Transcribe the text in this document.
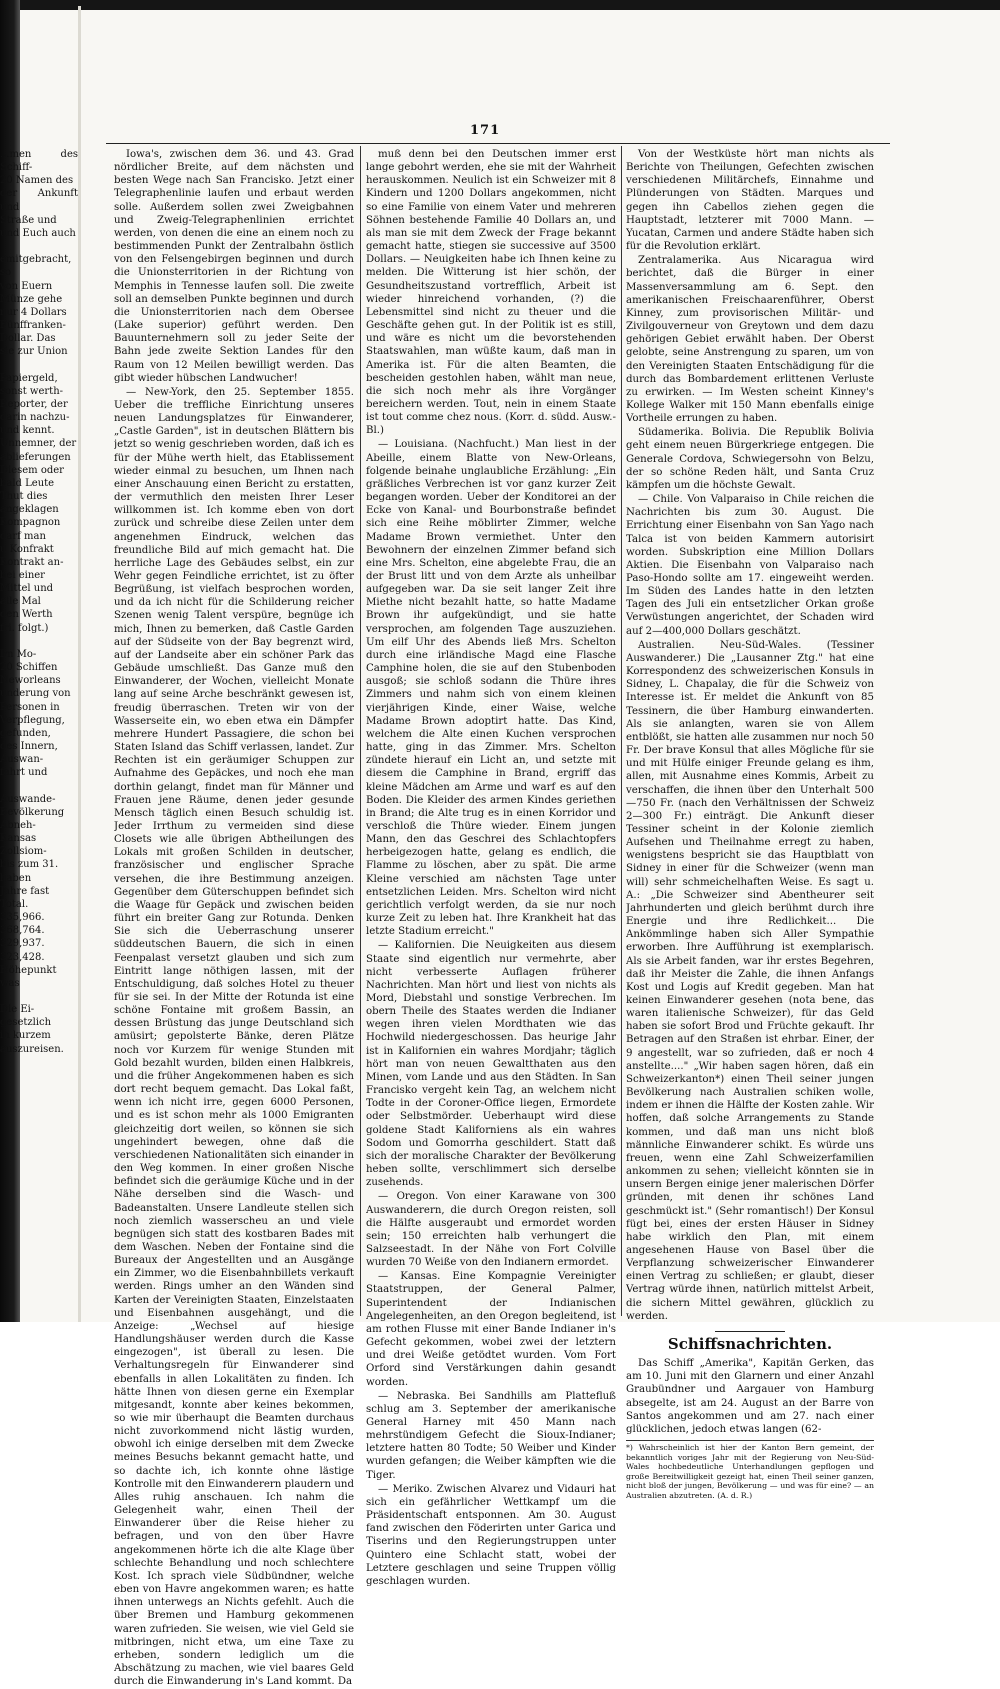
171
...men des Schiff-
20 Namen des
der Ankunft und
Straße und
und Euch auch

emitgebracht, so
von Euern
Münze gehe
nur 4 Dollars
Fünffranken-
Dollar. Das
sie zur Union

Papiergeld,
sonst werth-
Reporter, der
darin nachzu-
und kennt.
Unnemner, der
ablieferungen
Diesem oder
bald Leute
Thut dies
angeklagen
Kompagnon
darf man
u Konfrakt
Kontrakt an-
bei einer
Mittel und
alle Mal
den Werth
fri. folgt.)

Im Mo-
20 Schiffen
Neworleans
underung von
Personen in
Verpflegung,
gefunden,
des Innern,
Auswan-
fahrt und

Auswande-
Bevölkerung
Abneh-
Kansas
Zollsiom-
bis zum 31.
haben
Jahre fast
Total.
335,966.
368,764.
329,937.
323,428.
Höhepunkt
was

Die Ei-
gesetzlich
in kurzem
auszureisen.

Iowa's, zwischen dem 36. und 43. Grad nördlicher Breite, auf dem nächsten und besten Wege nach San Francisko. Jetzt einer Telegraphenlinie laufen und erbaut werden solle. Außerdem sollen zwei Zweigbahnen und Zweig-Telegraphenlinien errichtet werden, von denen die eine an einem noch zu bestimmenden Punkt der Zentralbahn östlich von den Felsengebirgen beginnen und durch die Unionsterritorien in der Richtung von Memphis in Tennesse laufen soll. Die zweite soll an demselben Punkte beginnen und durch die Unionsterritorien nach dem Obersee (Lake superior) geführt werden. Den Bauunternehmern soll zu jeder Seite der Bahn jede zweite Sektion Landes für den Raum von 12 Meilen bewilligt werden. Das gibt wieder hübschen Landwucher!

— New-York, den 25. September 1855. Ueber die treffliche Einrichtung unseres neuen Landungsplatzes für Einwanderer, „Castle Garden", ist in deutschen Blättern bis jetzt so wenig geschrieben worden, daß ich es für der Mühe werth hielt, das Etablissement wieder einmal zu besuchen, um Ihnen nach einer Anschauung einen Bericht zu erstatten, der vermuthlich den meisten Ihrer Leser willkommen ist. Ich komme eben von dort zurück und schreibe diese Zeilen unter dem angenehmen Eindruck, welchen das freundliche Bild auf mich gemacht hat. Die herrliche Lage des Gebäudes selbst, ein zur Wehr gegen Feindliche errichtet, ist zu öfter Begrüßung, ist vielfach besprochen worden, und da ich nicht für die Schilderung reicher Szenen wenig Talent verspüre, begnüge ich mich, Ihnen zu bemerken, daß Castle Garden auf der Südseite von der Bay begrenzt wird, auf der Landseite aber ein schöner Park das Gebäude umschließt. Das Ganze muß den Einwanderer, der Wochen, vielleicht Monate lang auf seine Arche beschränkt gewesen ist, freudig überraschen. Treten wir von der Wasserseite ein, wo eben etwa ein Dämpfer mehrere Hundert Passagiere, die schon bei Staten Island das Schiff verlassen, landet. Zur Rechten ist ein geräumiger Schuppen zur Aufnahme des Gepäckes, und noch ehe man dorthin gelangt, findet man für Männer und Frauen jene Räume, denen jeder gesunde Mensch täglich einen Besuch schuldig ist. Jeder Irrthum zu vermeiden sind diese Closets wie alle übrigen Abtheilungen des Lokals mit großen Schilden in deutscher, französischer und englischer Sprache versehen, die ihre Bestimmung anzeigen. Gegenüber dem Güterschuppen befindet sich die Waage für Gepäck und zwischen beiden führt ein breiter Gang zur Rotunda. Denken Sie sich die Ueberraschung unserer süddeutschen Bauern, die sich in einen Feenpalast versetzt glauben und sich zum Eintritt lange nöthigen lassen, mit der Entschuldigung, daß solches Hotel zu theuer für sie sei. In der Mitte der Rotunda ist eine schöne Fontaine mit großem Bassin, an dessen Brüstung das junge Deutschland sich amüsirt; gepolsterte Bänke, deren Plätze noch vor Kurzem für wenige Stunden mit Gold bezahlt wurden, bilden einen Halbkreis, und die früher Angekommenen haben es sich dort recht bequem gemacht. Das Lokal faßt, wenn ich nicht irre, gegen 6000 Personen, und es ist schon mehr als 1000 Emigranten gleichzeitig dort weilen, so können sie sich ungehindert bewegen, ohne daß die verschiedenen Nationalitäten sich einander in den Weg kommen. In einer großen Nische befindet sich die geräumige Küche und in der Nähe derselben sind die Wasch- und Badeanstalten. Unsere Landleute stellen sich noch ziemlich wasserscheu an und viele begnügen sich statt des kostbaren Bades mit dem Waschen. Neben der Fontaine sind die Bureaux der Angestellten und an Ausgänge ein Zimmer, wo die Eisenbahnbillets verkauft werden. Rings umher an den Wänden sind Karten der Vereinigten Staaten, Einzelstaaten und Eisenbahnen ausgehängt, und die Anzeige: „Wechsel auf hiesige Handlungshäuser werden durch die Kasse eingezogen", ist überall zu lesen. Die Verhaltungsregeln für Einwanderer sind ebenfalls in allen Lokalitäten zu finden. Ich hätte Ihnen von diesen gerne ein Exemplar mitgesandt, konnte aber keines bekommen, so wie mir überhaupt die Beamten durchaus nicht zuvorkommend nicht lästig wurden, obwohl ich einige derselben mit dem Zwecke meines Besuchs bekannt gemacht hatte, und so dachte ich, ich konnte ohne lästige Kontrolle mit den Einwanderern plaudern und Alles ruhig anschauen. Ich nahm die Gelegenheit wahr, einen Theil der Einwanderer über die Reise hieher zu befragen, und von den über Havre angekommenen hörte ich die alte Klage über schlechte Behandlung und noch schlechtere Kost. Ich sprach viele Südbündner, welche eben von Havre angekommen waren; es hatte ihnen unterwegs an Nichts gefehlt. Auch die über Bremen und Hamburg gekommenen waren zufrieden. Sie weisen, wie viel Geld sie mitbringen, nicht etwa, um eine Taxe zu erheben, sondern lediglich um die Abschätzung zu machen, wie viel baares Geld durch die Einwanderung in's Land kommt. Da

muß denn bei den Deutschen immer erst lange gebohrt werden, ehe sie mit der Wahrheit herauskommen. Neulich ist ein Schweizer mit 8 Kindern und 1200 Dollars angekommen, nicht so eine Familie von einem Vater und mehreren Söhnen bestehende Familie 40 Dollars an, und als man sie mit dem Zweck der Frage bekannt gemacht hatte, stiegen sie successive auf 3500 Dollars. — Neuigkeiten habe ich Ihnen keine zu melden. Die Witterung ist hier schön, der Gesundheitszustand vortrefflich, Arbeit ist wieder hinreichend vorhanden, (?) die Lebensmittel sind nicht zu theuer und die Geschäfte gehen gut. In der Politik ist es still, und wäre es nicht um die bevorstehenden Staatswahlen, man wüßte kaum, daß man in Amerika ist. Für die alten Beamten, die bescheiden gestohlen haben, wählt man neue, die sich noch mehr als ihre Vorgänger bereichern werden. Tout, nein in einem Staate ist tout comme chez nous. (Korr. d. südd. Ausw.-Bl.)

— Louisiana. (Nachfucht.) Man liest in der Abeille, einem Blatte von New-Orleans, folgende beinahe unglaubliche Erzählung: „Ein gräßliches Verbrechen ist vor ganz kurzer Zeit begangen worden. Ueber der Konditorei an der Ecke von Kanal- und Bourbonstraße befindet sich eine Reihe möblirter Zimmer, welche Madame Brown vermiethet. Unter den Bewohnern der einzelnen Zimmer befand sich eine Mrs. Schelton, eine abgelebte Frau, die an der Brust litt und von dem Arzte als unheilbar aufgegeben war. Da sie seit langer Zeit ihre Miethe nicht bezahlt hatte, so hatte Madame Brown ihr aufgekündigt, und sie hatte versprochen, am folgenden Tage auszuziehen. Um eilf Uhr des Abends ließ Mrs. Schelton durch eine irländische Magd eine Flasche Camphine holen, die sie auf den Stubenboden ausgoß; sie schloß sodann die Thüre ihres Zimmers und nahm sich von einem kleinen vierjährigen Kinde, einer Waise, welche Madame Brown adoptirt hatte. Das Kind, welchem die Alte einen Kuchen versprochen hatte, ging in das Zimmer. Mrs. Schelton zündete hierauf ein Licht an, und setzte mit diesem die Camphine in Brand, ergriff das kleine Mädchen am Arme und warf es auf den Boden. Die Kleider des armen Kindes geriethen in Brand; die Alte trug es in einen Korridor und verschloß die Thüre wieder. Einem jungen Mann, den das Geschrei des Schlachtopfers herbeigezogen hatte, gelang es endlich, die Flamme zu löschen, aber zu spät. Die arme Kleine verschied am nächsten Tage unter entsetzlichen Leiden. Mrs. Schelton wird nicht gerichtlich verfolgt werden, da sie nur noch kurze Zeit zu leben hat. Ihre Krankheit hat das letzte Stadium erreicht."

— Kalifornien. Die Neuigkeiten aus diesem Staate sind eigentlich nur vermehrte, aber nicht verbesserte Auflagen früherer Nachrichten. Man hört und liest von nichts als Mord, Diebstahl und sonstige Verbrechen. Im obern Theile des Staates werden die Indianer wegen ihren vielen Mordthaten wie das Hochwild niedergeschossen. Das heurige Jahr ist in Kalifornien ein wahres Mordjahr; täglich hört man von neuen Gewaltthaten aus den Minen, vom Lande und aus den Städten. In San Francisko vergeht kein Tag, an welchem nicht Todte in der Coroner-Office liegen, Ermordete oder Selbstmörder. Ueberhaupt wird diese goldene Stadt Kaliforniens als ein wahres Sodom und Gomorrha geschildert. Statt daß sich der moralische Charakter der Bevölkerung heben sollte, verschlimmert sich derselbe zusehends.

— Oregon. Von einer Karawane von 300 Auswanderern, die durch Oregon reisten, soll die Hälfte ausgeraubt und ermordet worden sein; 150 erreichten halb verhungert die Salzseestadt. In der Nähe von Fort Colville wurden 70 Weiße von den Indianern ermordet.

— Kansas. Eine Kompagnie Vereinigter Staatstruppen, der General Palmer, Superintendent der Indianischen Angelegenheiten, an den Oregon begleitend, ist am rothen Flusse mit einer Bande Indianer in's Gefecht gekommen, wobei zwei der letztern und drei Weiße getödtet wurden. Vom Fort Orford sind Verstärkungen dahin gesandt worden.

— Nebraska. Bei Sandhills am Plattefluß schlug am 3. September der amerikanische General Harney mit 450 Mann nach mehrstündigem Gefecht die Sioux-Indianer; letztere hatten 80 Todte; 50 Weiber und Kinder wurden gefangen; die Weiber kämpften wie die Tiger.

— Meriko. Zwischen Alvarez und Vidauri hat sich ein gefährlicher Wettkampf um die Präsidentschaft entsponnen. Am 30. August fand zwischen den Föderirten unter Garica und Tiserins und den Regierungstruppen unter Quintero eine Schlacht statt, wobei der Letztere geschlagen und seine Truppen völlig geschlagen wurden.

Von der Westküste hört man nichts als Berichte von Theilungen, Gefechten zwischen verschiedenen Militärchefs, Einnahme und Plünderungen von Städten. Marques und gegen ihn Cabellos ziehen gegen die Hauptstadt, letzterer mit 7000 Mann. — Yucatan, Carmen und andere Städte haben sich für die Revolution erklärt.

Zentralamerika. Aus Nicaragua wird berichtet, daß die Bürger in einer Massenversammlung am 6. Sept. den amerikanischen Freischaarenführer, Oberst Kinney, zum provisorischen Militär- und Zivilgouverneur von Greytown und dem dazu gehörigen Gebiet erwählt haben. Der Oberst gelobte, seine Anstrengung zu sparen, um von den Vereinigten Staaten Entschädigung für die durch das Bombardement erlittenen Verluste zu erwirken. — Im Westen scheint Kinney's Kollege Walker mit 150 Mann ebenfalls einige Vortheile errungen zu haben.

Südamerika. Bolivia. Die Republik Bolivia geht einem neuen Bürgerkriege entgegen. Die Generale Cordova, Schwiegersohn von Belzu, der so schöne Reden hält, und Santa Cruz kämpfen um die höchste Gewalt.

— Chile. Von Valparaiso in Chile reichen die Nachrichten bis zum 30. August. Die Errichtung einer Eisenbahn von San Yago nach Talca ist von beiden Kammern autorisirt worden. Subskription eine Million Dollars Aktien. Die Eisenbahn von Valparaiso nach Paso-Hondo sollte am 17. eingeweiht werden. Im Süden des Landes hatte in den letzten Tagen des Juli ein entsetzlicher Orkan große Verwüstungen angerichtet, der Schaden wird auf 2—400,000 Dollars geschätzt.

Australien. Neu-Süd-Wales. (Tessiner Auswanderer.) Die „Lausanner Ztg." hat eine Korrespondenz des schweizerischen Konsuls in Sidney, L. Chapalay, die für die Schweiz von Interesse ist. Er meldet die Ankunft von 85 Tessinern, die über Hamburg einwanderten. Als sie anlangten, waren sie von Allem entblößt, sie hatten alle zusammen nur noch 50 Fr. Der brave Konsul that alles Mögliche für sie und mit Hülfe einiger Freunde gelang es ihm, allen, mit Ausnahme eines Kommis, Arbeit zu verschaffen, die ihnen über den Unterhalt 500—750 Fr. (nach den Verhältnissen der Schweiz 2—300 Fr.) einträgt. Die Ankunft dieser Tessiner scheint in der Kolonie ziemlich Aufsehen und Theilnahme erregt zu haben, wenigstens bespricht sie das Hauptblatt von Sidney in einer für die Schweizer (wenn man will) sehr schmeichelhaften Weise. Es sagt u. A.: „Die Schweizer sind Abentheurer seit Jahrhunderten und gleich berühmt durch ihre Energie und ihre Redlichkeit... Die Ankömmlinge haben sich Aller Sympathie erworben. Ihre Aufführung ist exemplarisch. Als sie Arbeit fanden, war ihr erstes Begehren, daß ihr Meister die Zahle, die ihnen Anfangs Kost und Logis auf Kredit gegeben. Man hat keinen Einwanderer gesehen (nota bene, das waren italienische Schweizer), für das Geld haben sie sofort Brod und Früchte gekauft. Ihr Betragen auf den Straßen ist ehrbar. Einer, der 9 angestellt, war so zufrieden, daß er noch 4 anstellte...." „Wir haben sagen hören, daß ein Schweizerkanton*) einen Theil seiner jungen Bevölkerung nach Australien schiken wolle, indem er ihnen die Hälfte der Kosten zahle. Wir hoffen, daß solche Arrangements zu Stande kommen, und daß man uns nicht bloß männliche Einwanderer schikt. Es würde uns freuen, wenn eine Zahl Schweizerfamilien ankommen zu sehen; vielleicht könnten sie in unsern Bergen einige jener malerischen Dörfer gründen, mit denen ihr schönes Land geschmückt ist." (Sehr romantisch!) Der Konsul fügt bei, eines der ersten Häuser in Sidney habe wirklich den Plan, mit einem angesehenen Hause von Basel über die Verpflanzung schweizerischer Einwanderer einen Vertrag zu schließen; er glaubt, dieser Vertrag würde ihnen, natürlich mittelst Arbeit, die sichern Mittel gewähren, glücklich zu werden.

Schiffsnachrichten.

Das Schiff „Amerika", Kapitän Gerken, das am 10. Juni mit den Glarnern und einer Anzahl Graubündner und Aargauer von Hamburg absegelte, ist am 24. August an der Barre von Santos angekommen und am 27. nach einer glücklichen, jedoch etwas langen (62-

*) Wahrscheinlich ist hier der Kanton Bern gemeint, der bekanntlich voriges Jahr mit der Regierung von Neu-Süd-Wales hochbedeutliche Unterhandlungen gepflogen und große Bereitwilligkeit gezeigt hat, einen Theil seiner ganzen, nicht bloß der jungen, Bevölkerung — und was für eine? — an Australien abzutreten. (A. d. R.)
